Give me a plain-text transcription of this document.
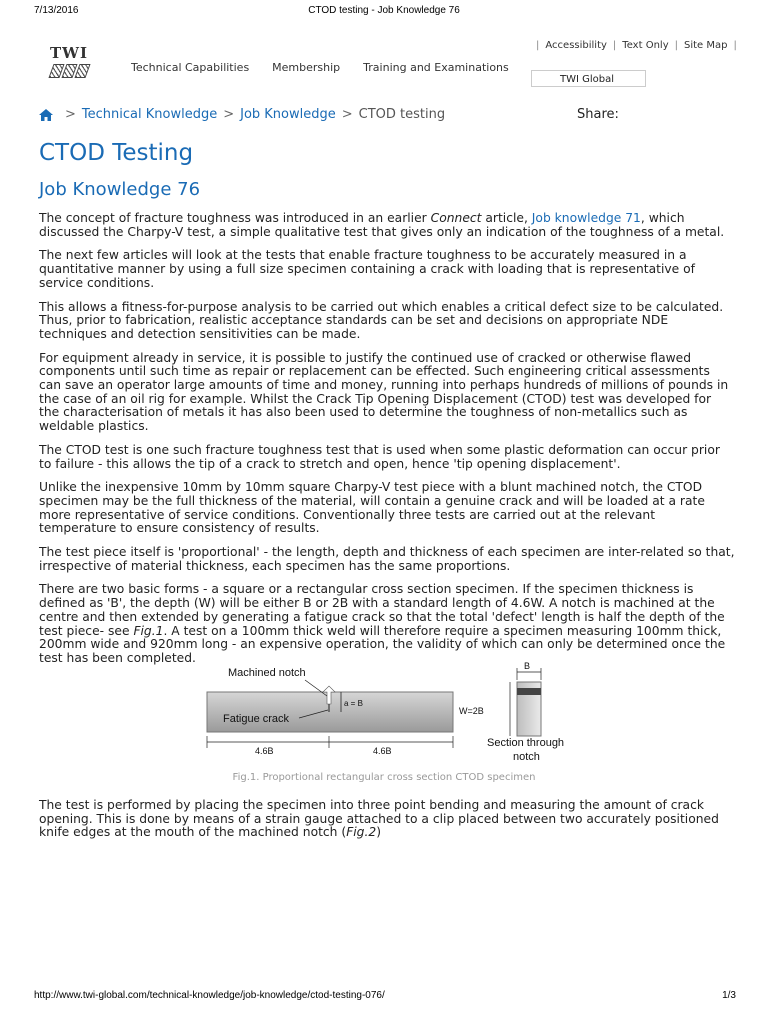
7/13/2016	CTOD testing - Job Knowledge 76
TWI
Technical Capabilities Membership Training and Examinations
| Accessibility | Text Only | Site Map |
TWI Global
> Technical Knowledge > Job Knowledge > CTOD testing	Share:
CTOD Testing
Job Knowledge 76

The concept of fracture toughness was introduced in an earlier Connect article, Job knowledge 71, which discussed the Charpy-V test, a simple qualitative test that gives only an indication of the toughness of a metal.

The next few articles will look at the tests that enable fracture toughness to be accurately measured in a quantitative manner by using a full size specimen containing a crack with loading that is representative of service conditions.

This allows a fitness-for-purpose analysis to be carried out which enables a critical defect size to be calculated. Thus, prior to fabrication, realistic acceptance standards can be set and decisions on appropriate NDE techniques and detection sensitivities can be made.

For equipment already in service, it is possible to justify the continued use of cracked or otherwise flawed components until such time as repair or replacement can be effected. Such engineering critical assessments can save an operator large amounts of time and money, running into perhaps hundreds of millions of pounds in the case of an oil rig for example. Whilst the Crack Tip Opening Displacement (CTOD) test was developed for the characterisation of metals it has also been used to determine the toughness of non-metallics such as weldable plastics.

The CTOD test is one such fracture toughness test that is used when some plastic deformation can occur prior to failure - this allows the tip of a crack to stretch and open, hence 'tip opening displacement'.

Unlike the inexpensive 10mm by 10mm square Charpy-V test piece with a blunt machined notch, the CTOD specimen may be the full thickness of the material, will contain a genuine crack and will be loaded at a rate more representative of service conditions. Conventionally three tests are carried out at the relevant temperature to ensure consistency of results.

The test piece itself is 'proportional' - the length, depth and thickness of each specimen are inter-related so that, irrespective of material thickness, each specimen has the same proportions.

There are two basic forms - a square or a rectangular cross section specimen. If the specimen thickness is defined as 'B', the depth (W) will be either B or 2B with a standard length of 4.6W. A notch is machined at the centre and then extended by generating a fatigue crack so that the total 'defect' length is half the depth of the test piece- see Fig.1. A test on a 100mm thick weld will therefore require a specimen measuring 100mm thick, 200mm wide and 920mm long - an expensive operation, the validity of which can only be determined once the test has been completed.

Machined notch
Fatigue crack
a = B
4.6B	4.6B
B
W=2B
Section through
notch
Fig.1. Proportional rectangular cross section CTOD specimen

The test is performed by placing the specimen into three point bending and measuring the amount of crack opening. This is done by means of a strain gauge attached to a clip placed between two accurately positioned knife edges at the mouth of the machined notch (Fig.2)

http://www.twi-global.com/technical-knowledge/job-knowledge/ctod-testing-076/	1/3
